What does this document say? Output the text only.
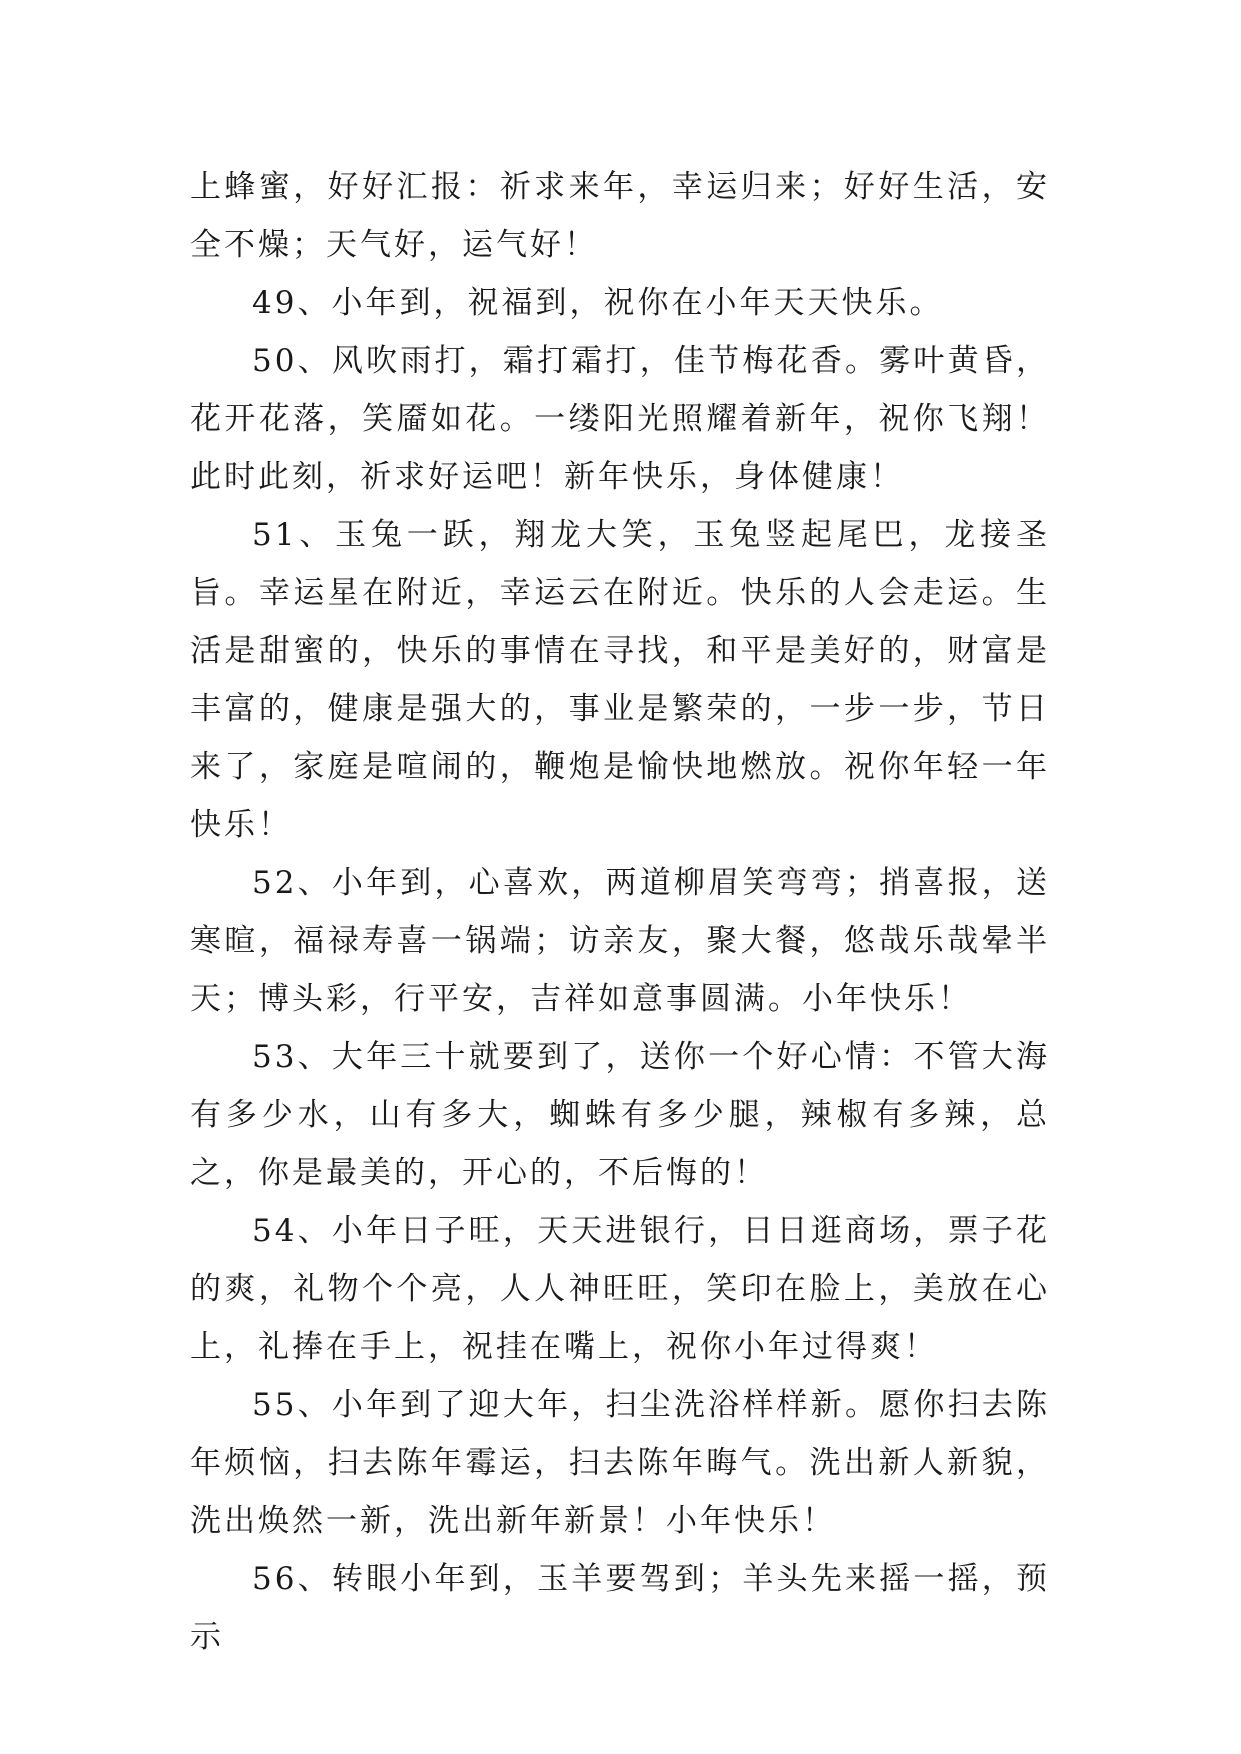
上蜂蜜，好好汇报：祈求来年，幸运归来；好好生活，安全不燥；天气好，运气好！

49、小年到，祝福到，祝你在小年天天快乐。

50、风吹雨打，霜打霜打，佳节梅花香。雾叶黄昏，花开花落，笑靥如花。一缕阳光照耀着新年，祝你飞翔！此时此刻，祈求好运吧！新年快乐，身体健康！

51、玉兔一跃，翔龙大笑，玉兔竖起尾巴，龙接圣旨。幸运星在附近，幸运云在附近。快乐的人会走运。生活是甜蜜的，快乐的事情在寻找，和平是美好的，财富是丰富的，健康是强大的，事业是繁荣的，一步一步，节日来了，家庭是喧闹的，鞭炮是愉快地燃放。祝你年轻一年快乐！

52、小年到，心喜欢，两道柳眉笑弯弯；捎喜报，送寒暄，福禄寿喜一锅端；访亲友，聚大餐，悠哉乐哉晕半天；博头彩，行平安，吉祥如意事圆满。小年快乐！

53、大年三十就要到了，送你一个好心情：不管大海有多少水，山有多大，蜘蛛有多少腿，辣椒有多辣，总之，你是最美的，开心的，不后悔的！

54、小年日子旺，天天进银行，日日逛商场，票子花的爽，礼物个个亮，人人神旺旺，笑印在脸上，美放在心上，礼捧在手上，祝挂在嘴上，祝你小年过得爽！

55、小年到了迎大年，扫尘洗浴样样新。愿你扫去陈年烦恼，扫去陈年霉运，扫去陈年晦气。洗出新人新貌，洗出焕然一新，洗出新年新景！小年快乐！

56、转眼小年到，玉羊要驾到；羊头先来摇一摇，预示
